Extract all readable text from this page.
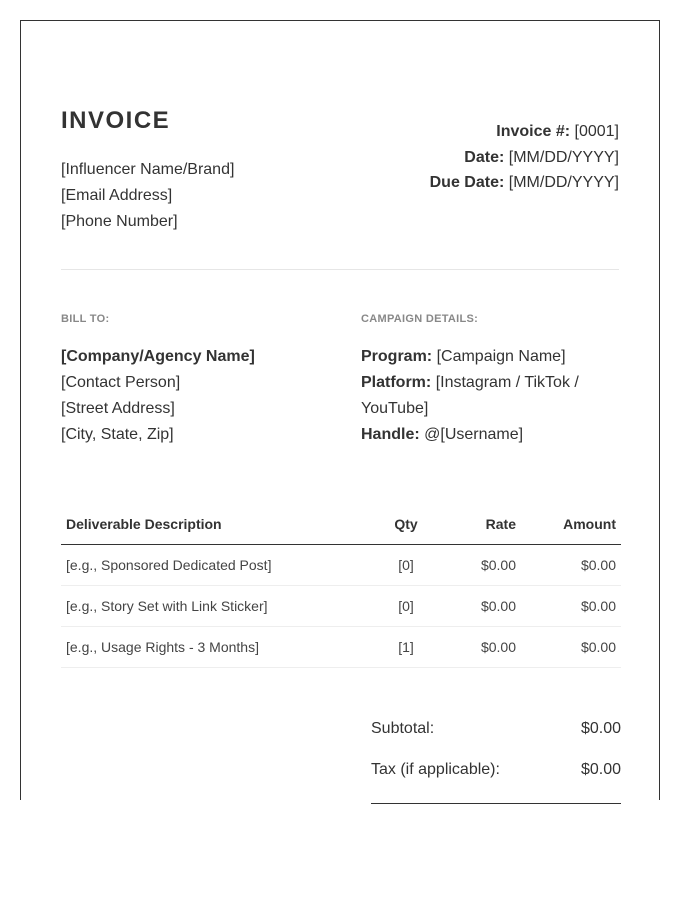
INVOICE
[Influencer Name/Brand]
[Email Address]
[Phone Number]
Invoice #: [0001]
Date: [MM/DD/YYYY]
Due Date: [MM/DD/YYYY]
BILL TO:	CAMPAIGN DETAILS:
[Company/Agency Name]
[Contact Person]
[Street Address]
[City, State, Zip]
Program: [Campaign Name]
Platform: [Instagram / TikTok / YouTube]
Handle: @[Username]
Deliverable Description	Qty	Rate	Amount
[e.g., Sponsored Dedicated Post]	[0]	$0.00	$0.00
[e.g., Story Set with Link Sticker]	[0]	$0.00	$0.00
[e.g., Usage Rights - 3 Months]	[1]	$0.00	$0.00
Subtotal:	$0.00
Tax (if applicable):	$0.00
